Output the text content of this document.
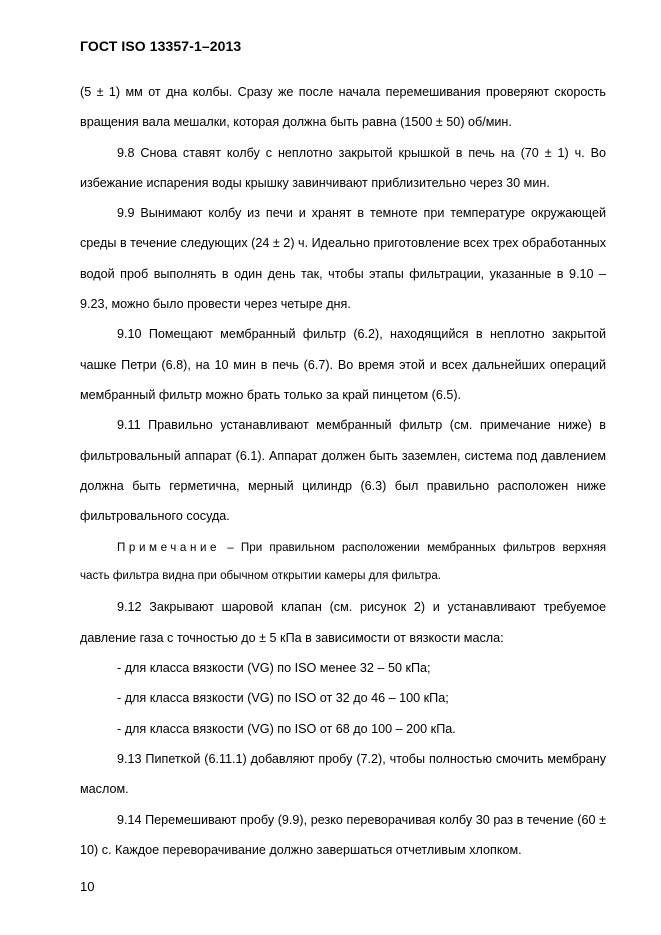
ГОСТ ISO 13357-1–2013

(5 ± 1) мм от дна колбы. Сразу же после начала перемешивания проверяют скорость вращения вала мешалки, которая должна быть равна (1500 ± 50) об/мин.

9.8 Снова ставят колбу с неплотно закрытой крышкой в печь на (70 ± 1) ч. Во избежание испарения воды крышку завинчивают приблизительно через 30 мин.

9.9 Вынимают колбу из печи и хранят в темноте при температуре окружающей среды в течение следующих (24 ± 2) ч. Идеально приготовление всех трех обработанных водой проб выполнять в один день так, чтобы этапы фильтрации, указанные в 9.10 – 9.23, можно было провести через четыре дня.

9.10 Помещают мембранный фильтр (6.2), находящийся в неплотно закрытой чашке Петри (6.8), на 10 мин в печь (6.7). Во время этой и всех дальнейших операций мембранный фильтр можно брать только за край пинцетом (6.5).

9.11 Правильно устанавливают мембранный фильтр (см. примечание ниже) в фильтровальный аппарат (6.1). Аппарат должен быть заземлен, система под давлением должна быть герметична, мерный цилиндр (6.3) был правильно расположен ниже фильтровального сосуда.

Примечание – При правильном расположении мембранных фильтров верхняя часть фильтра видна при обычном открытии камеры для фильтра.

9.12 Закрывают шаровой клапан (см. рисунок 2) и устанавливают требуемое давление газа с точностью до ± 5 кПа в зависимости от вязкости масла:

- для класса вязкости (VG) по ISO менее 32 – 50 кПа;

- для класса вязкости (VG) по ISO от 32 до 46 – 100 кПа;

- для класса вязкости (VG) по ISO от 68 до 100 – 200 кПа.

9.13 Пипеткой (6.11.1) добавляют пробу (7.2), чтобы полностью смочить мембрану маслом.

9.14 Перемешивают пробу (9.9), резко переворачивая колбу 30 раз в течение (60 ± 10) с. Каждое переворачивание должно завершаться отчетливым хлопком.

10
